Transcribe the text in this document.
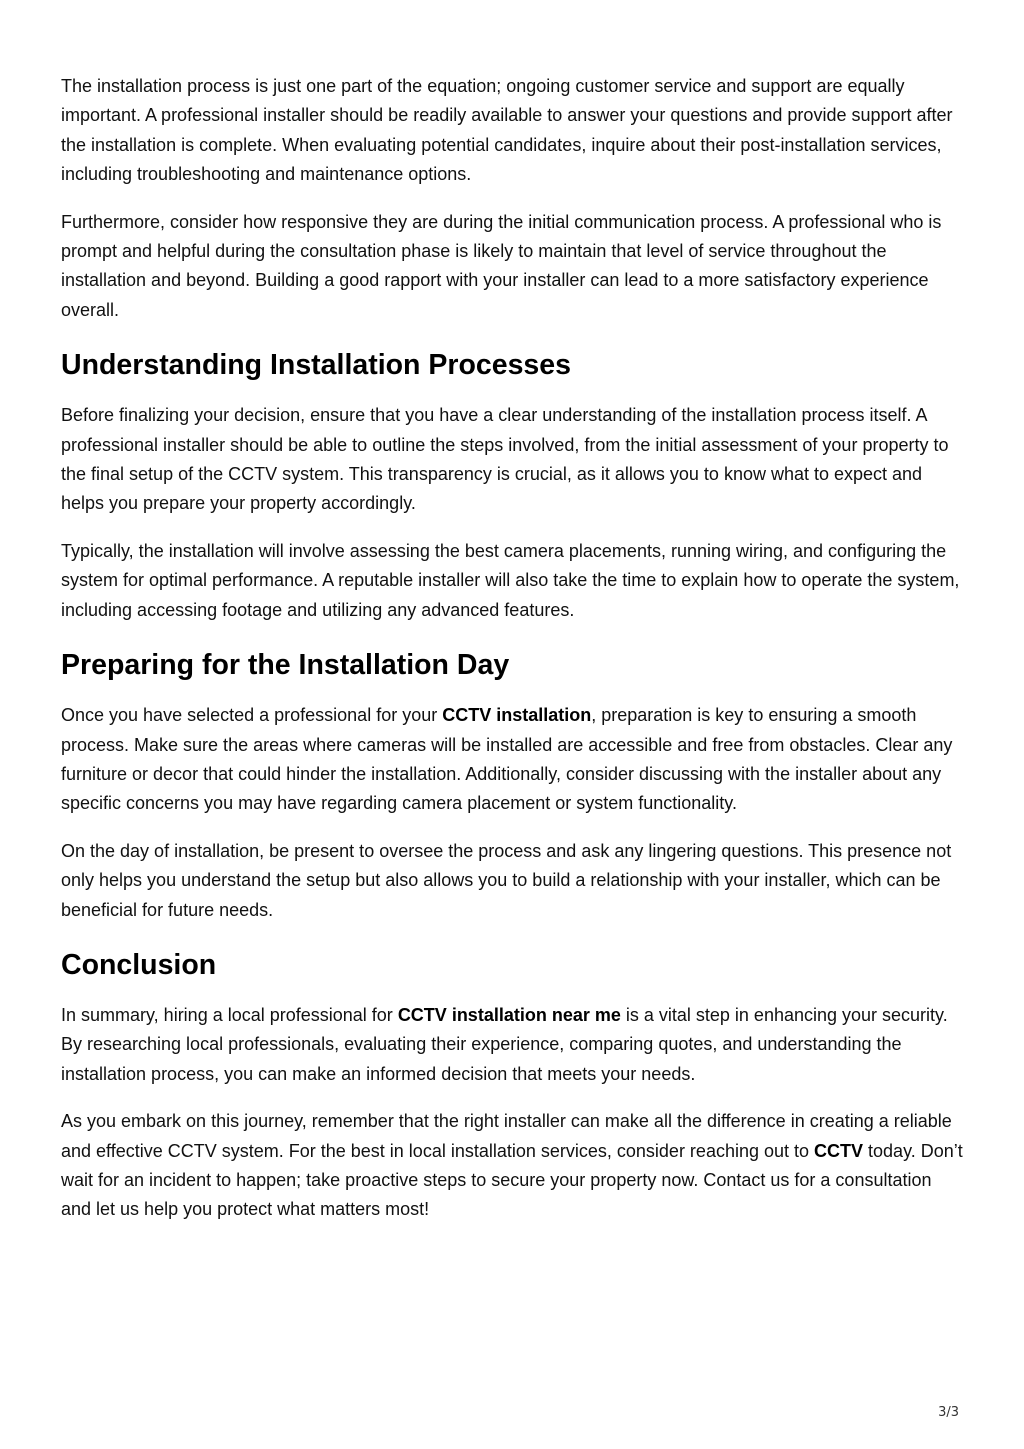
The installation process is just one part of the equation; ongoing customer service and support are equally important. A professional installer should be readily available to answer your questions and provide support after the installation is complete. When evaluating potential candidates, inquire about their post-installation services, including troubleshooting and maintenance options.

Furthermore, consider how responsive they are during the initial communication process. A professional who is prompt and helpful during the consultation phase is likely to maintain that level of service throughout the installation and beyond. Building a good rapport with your installer can lead to a more satisfactory experience overall.

Understanding Installation Processes

Before finalizing your decision, ensure that you have a clear understanding of the installation process itself. A professional installer should be able to outline the steps involved, from the initial assessment of your property to the final setup of the CCTV system. This transparency is crucial, as it allows you to know what to expect and helps you prepare your property accordingly.

Typically, the installation will involve assessing the best camera placements, running wiring, and configuring the system for optimal performance. A reputable installer will also take the time to explain how to operate the system, including accessing footage and utilizing any advanced features.

Preparing for the Installation Day

Once you have selected a professional for your CCTV installation, preparation is key to ensuring a smooth process. Make sure the areas where cameras will be installed are accessible and free from obstacles. Clear any furniture or decor that could hinder the installation. Additionally, consider discussing with the installer about any specific concerns you may have regarding camera placement or system functionality.

On the day of installation, be present to oversee the process and ask any lingering questions. This presence not only helps you understand the setup but also allows you to build a relationship with your installer, which can be beneficial for future needs.

Conclusion

In summary, hiring a local professional for CCTV installation near me is a vital step in enhancing your security. By researching local professionals, evaluating their experience, comparing quotes, and understanding the installation process, you can make an informed decision that meets your needs.

As you embark on this journey, remember that the right installer can make all the difference in creating a reliable and effective CCTV system. For the best in local installation services, consider reaching out to CCTV today. Don’t wait for an incident to happen; take proactive steps to secure your property now. Contact us for a consultation and let us help you protect what matters most!

3/3
